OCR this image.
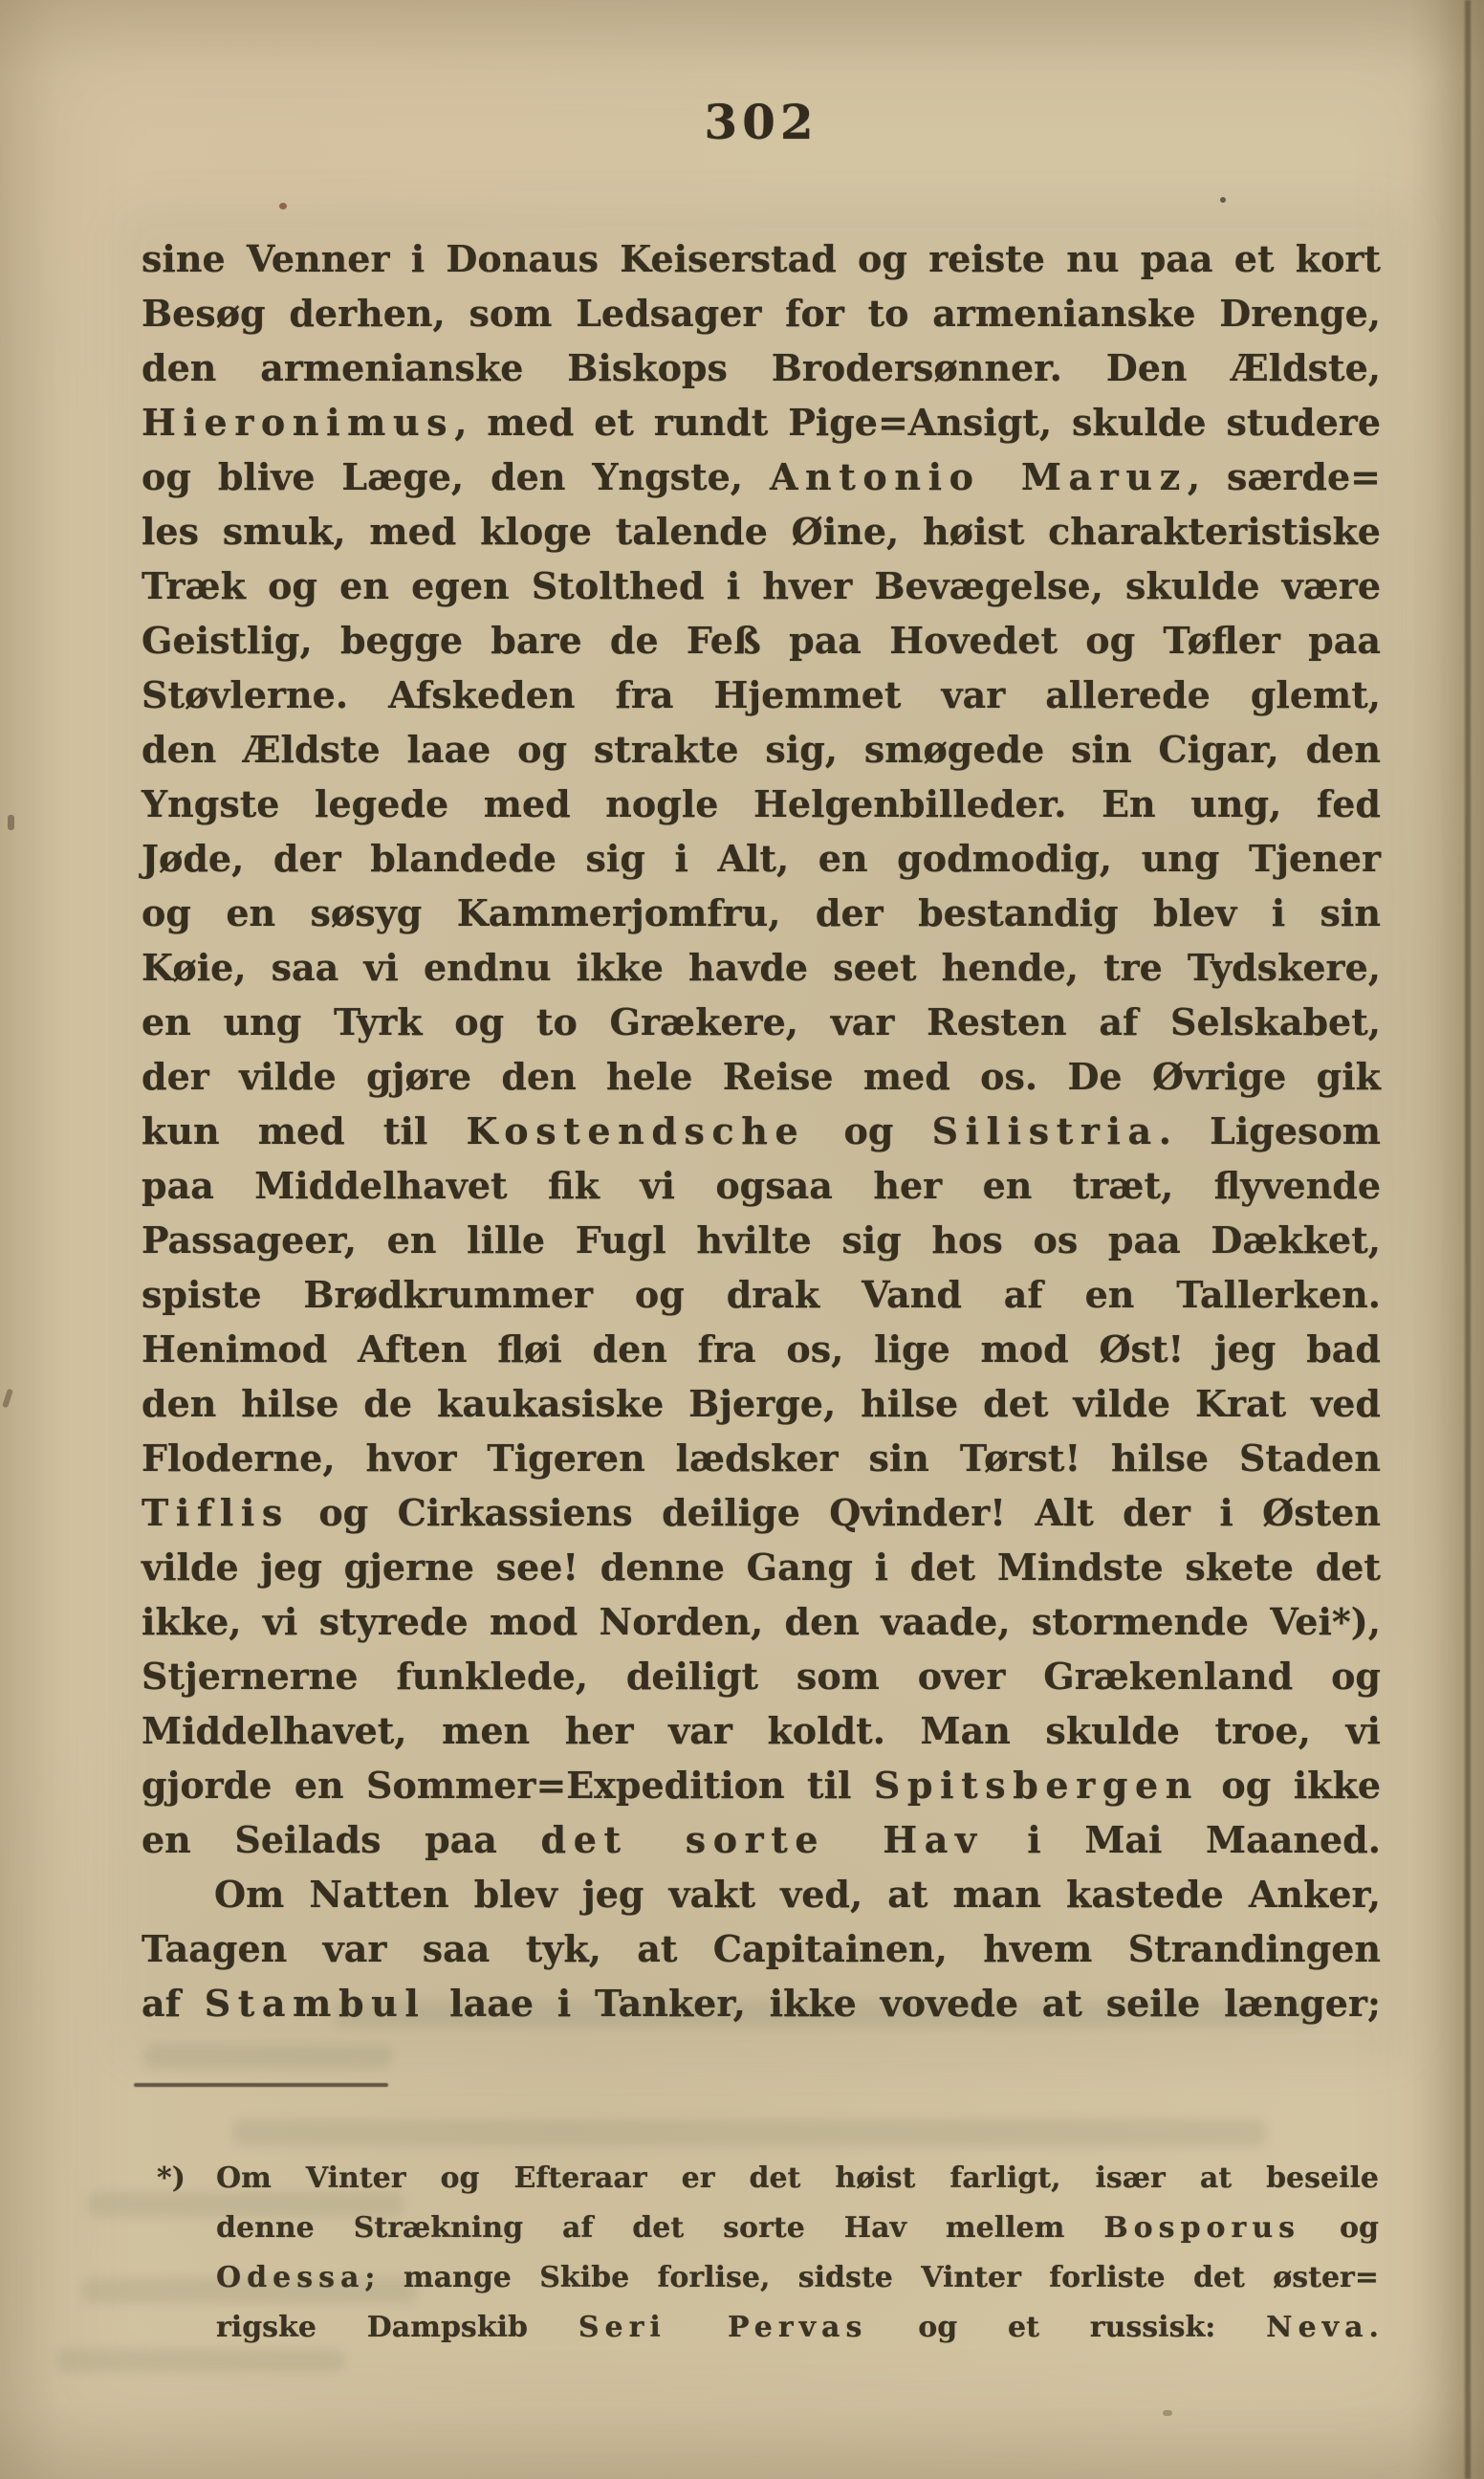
302
sine Venner i Donaus Keiserstad og reiste nu paa et kort
Besøg derhen, som Ledsager for to armenianske Drenge,
den armenianske Biskops Brodersønner. Den Ældste,
Hieronimus, med et rundt Pige=Ansigt, skulde studere
og blive Læge, den Yngste, Antonio Maruz, særde=
les smuk, med kloge talende Øine, høist charakteristiske
Træk og en egen Stolthed i hver Bevægelse, skulde være
Geistlig, begge bare de Feß paa Hovedet og Tøfler paa
Støvlerne. Afskeden fra Hjemmet var allerede glemt,
den Ældste laae og strakte sig, smøgede sin Cigar, den
Yngste legede med nogle Helgenbilleder. En ung, fed
Jøde, der blandede sig i Alt, en godmodig, ung Tjener
og en søsyg Kammerjomfru, der bestandig blev i sin
Køie, saa vi endnu ikke havde seet hende, tre Tydskere,
en ung Tyrk og to Grækere, var Resten af Selskabet,
der vilde gjøre den hele Reise med os. De Øvrige gik
kun med til Kostendsche og Silistria. Ligesom
paa Middelhavet fik vi ogsaa her en træt, flyvende
Passageer, en lille Fugl hvilte sig hos os paa Dækket,
spiste Brødkrummer og drak Vand af en Tallerken.
Henimod Aften fløi den fra os, lige mod Øst! jeg bad
den hilse de kaukasiske Bjerge, hilse det vilde Krat ved
Floderne, hvor Tigeren lædsker sin Tørst! hilse Staden
Tiflis og Cirkassiens deilige Qvinder! Alt der i Østen
vilde jeg gjerne see! denne Gang i det Mindste skete det
ikke, vi styrede mod Norden, den vaade, stormende Vei*),
Stjernerne funklede, deiligt som over Grækenland og
Middelhavet, men her var koldt. Man skulde troe, vi
gjorde en Sommer=Expedition til Spitsbergen og ikke
en Seilads paa det sorte Hav i Mai Maaned.
Om Natten blev jeg vakt ved, at man kastede Anker,
Taagen var saa tyk, at Capitainen, hvem Strandingen
af Stambul laae i Tanker, ikke vovede at seile længer;
*) Om Vinter og Efteraar er det høist farligt, især at beseile
denne Strækning af det sorte Hav mellem Bosporus og
Odessa; mange Skibe forlise, sidste Vinter forliste det øster=
rigske Dampskib Seri Pervas og et russisk: Neva.
